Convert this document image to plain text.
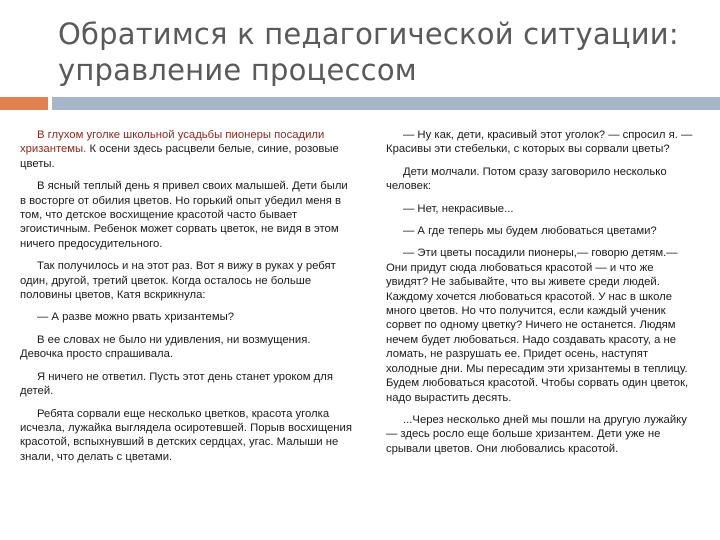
Обратимся к педагогической ситуации:
управление процессом

В глухом уголке школьной усадьбы пионеры посадили хризантемы. К осени здесь расцвели белые, синие, розовые цветы.

В ясный теплый день я привел своих малышей. Дети были в восторге от обилия цветов. Но горький опыт убедил меня в том, что детское восхищение красотой часто бывает эгоистичным. Ребенок может сорвать цветок, не видя в этом ничего предосудительного.

Так получилось и на этот раз. Вот я вижу в руках у ребят один, другой, третий цветок. Когда осталось не больше половины цветов, Катя вскрикнула:

— А разве можно рвать хризантемы?

В ее словах не было ни удивления, ни возмущения. Девочка просто спрашивала.

Я ничего не ответил. Пусть этот день станет уроком для детей.

Ребята сорвали еще несколько цветков, красота уголка исчезла, лужайка выглядела осиротевшей. Порыв восхищения красотой, вспыхнувший в детских сердцах, угас. Малыши не знали, что делать с цветами.

— Ну как, дети, красивый этот уголок? — спросил я. — Красивы эти стебельки, с которых вы сорвали цветы?

Дети молчали. Потом сразу заговорило несколько человек:

— Нет, некрасивые...

— А где теперь мы будем любоваться цветами?

— Эти цветы посадили пионеры,— говорю детям.— Они придут сюда любоваться красотой — и что же увидят? Не забывайте, что вы живете среди людей. Каждому хочется любоваться красотой. У нас в школе много цветов. Но что получится, если каждый ученик сорвет по одному цветку? Ничего не останется. Людям нечем будет любоваться. Надо создавать красоту, а не ломать, не разрушать ее. Придет осень, наступят холодные дни. Мы пересадим эти хризантемы в теплицу. Будем любоваться красотой. Чтобы сорвать один цветок, надо вырастить десять.

...Через несколько дней мы пошли на другую лужайку — здесь росло еще больше хризантем. Дети уже не срывали цветов. Они любовались красотой.
